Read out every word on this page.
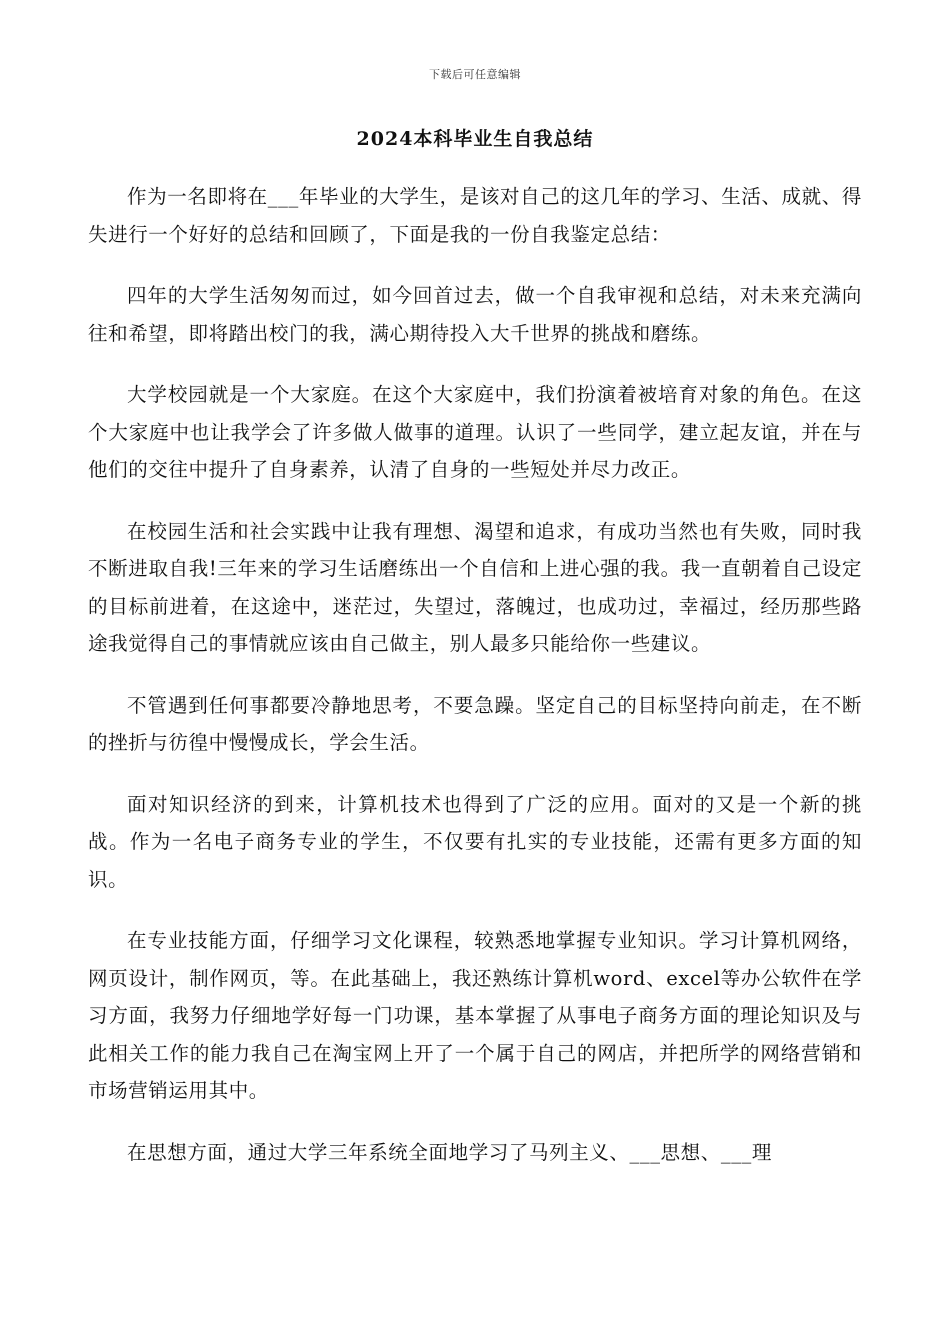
下载后可任意编辑
2024本科毕业生自我总结

作为一名即将在___年毕业的大学生，是该对自己的这几年的学习、生活、成就、得失进行一个好好的总结和回顾了，下面是我的一份自我鉴定总结：

四年的大学生活匆匆而过，如今回首过去，做一个自我审视和总结，对未来充满向往和希望，即将踏出校门的我，满心期待投入大千世界的挑战和磨练。

大学校园就是一个大家庭。在这个大家庭中，我们扮演着被培育对象的角色。在这个大家庭中也让我学会了许多做人做事的道理。认识了一些同学，建立起友谊，并在与他们的交往中提升了自身素养，认清了自身的一些短处并尽力改正。

在校园生活和社会实践中让我有理想、渴望和追求，有成功当然也有失败，同时我不断进取自我!三年来的学习生话磨练出一个自信和上进心强的我。我一直朝着自己设定的目标前进着，在这途中，迷茫过，失望过，落魄过，也成功过，幸福过，经历那些路途我觉得自己的事情就应该由自己做主，别人最多只能给你一些建议。

不管遇到任何事都要冷静地思考，不要急躁。坚定自己的目标坚持向前走，在不断的挫折与彷徨中慢慢成长，学会生活。

面对知识经济的到来，计算机技术也得到了广泛的应用。面对的又是一个新的挑战。作为一名电子商务专业的学生，不仅要有扎实的专业技能，还需有更多方面的知识。

在专业技能方面，仔细学习文化课程，较熟悉地掌握专业知识。学习计算机网络，网页设计，制作网页，等。在此基础上，我还熟练计算机word、excel等办公软件在学习方面，我努力仔细地学好每一门功课，基本掌握了从事电子商务方面的理论知识及与此相关工作的能力我自己在淘宝网上开了一个属于自己的网店，并把所学的网络营销和市场营销运用其中。

在思想方面，通过大学三年系统全面地学习了马列主义、___思想、___理
